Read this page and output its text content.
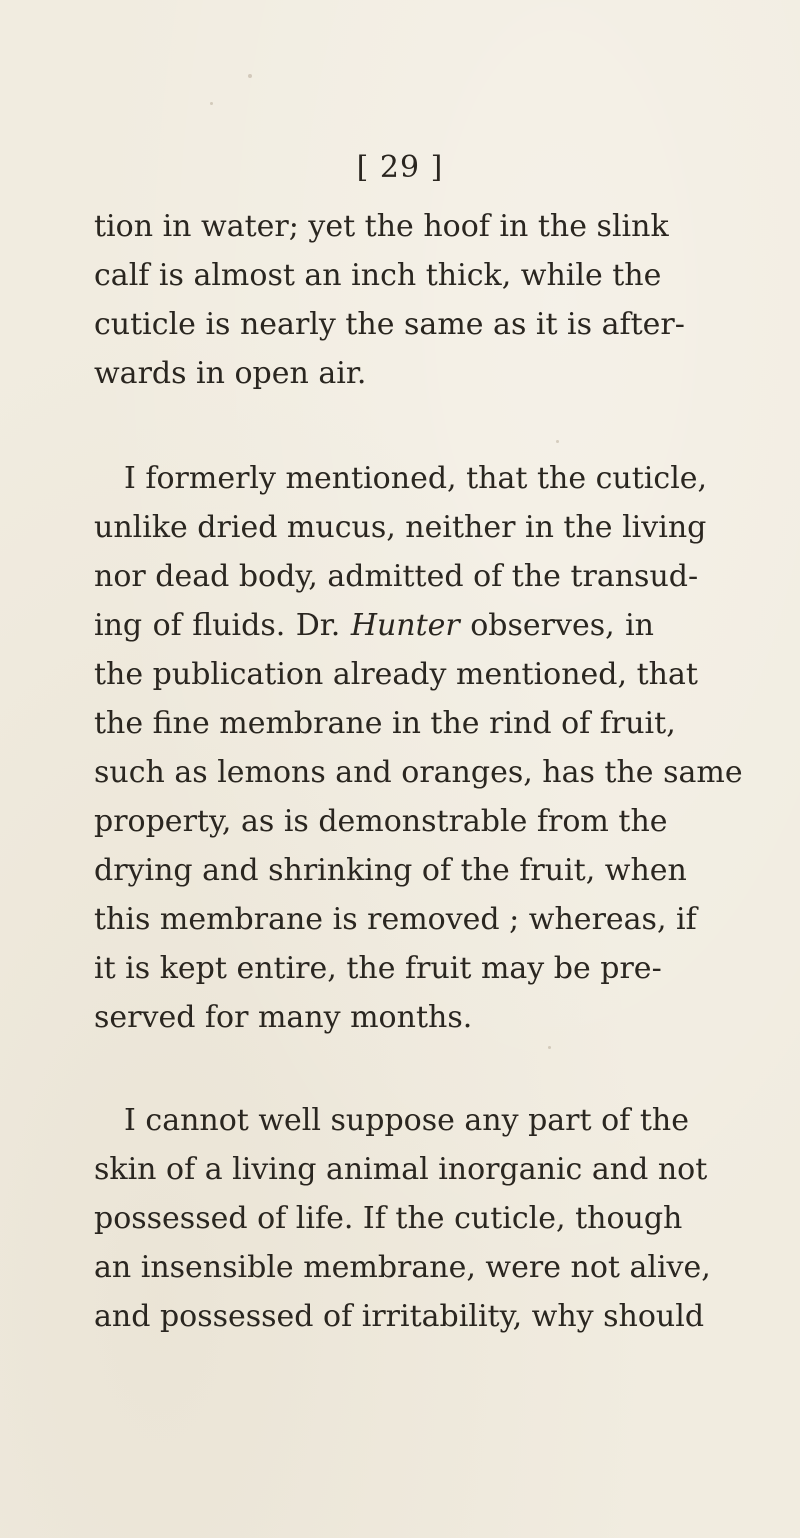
[ 29 ]
tion in water; yet the hoof in the slink
calf is almost an inch thick, while the
cuticle is nearly the same as it is after-
wards in open air.
I formerly mentioned, that the cuticle,
unlike dried mucus, neither in the living
nor dead body, admitted of the transud-
ing of fluids. Dr. Hunter observes, in
the publication already mentioned, that
the fine membrane in the rind of fruit,
such as lemons and oranges, has the same
property, as is demonstrable from the
drying and shrinking of the fruit, when
this membrane is removed ; whereas, if
it is kept entire, the fruit may be pre-
served for many months.
I cannot well suppose any part of the
skin of a living animal inorganic and not
possessed of life. If the cuticle, though
an insensible membrane, were not alive,
and possessed of irritability, why should
